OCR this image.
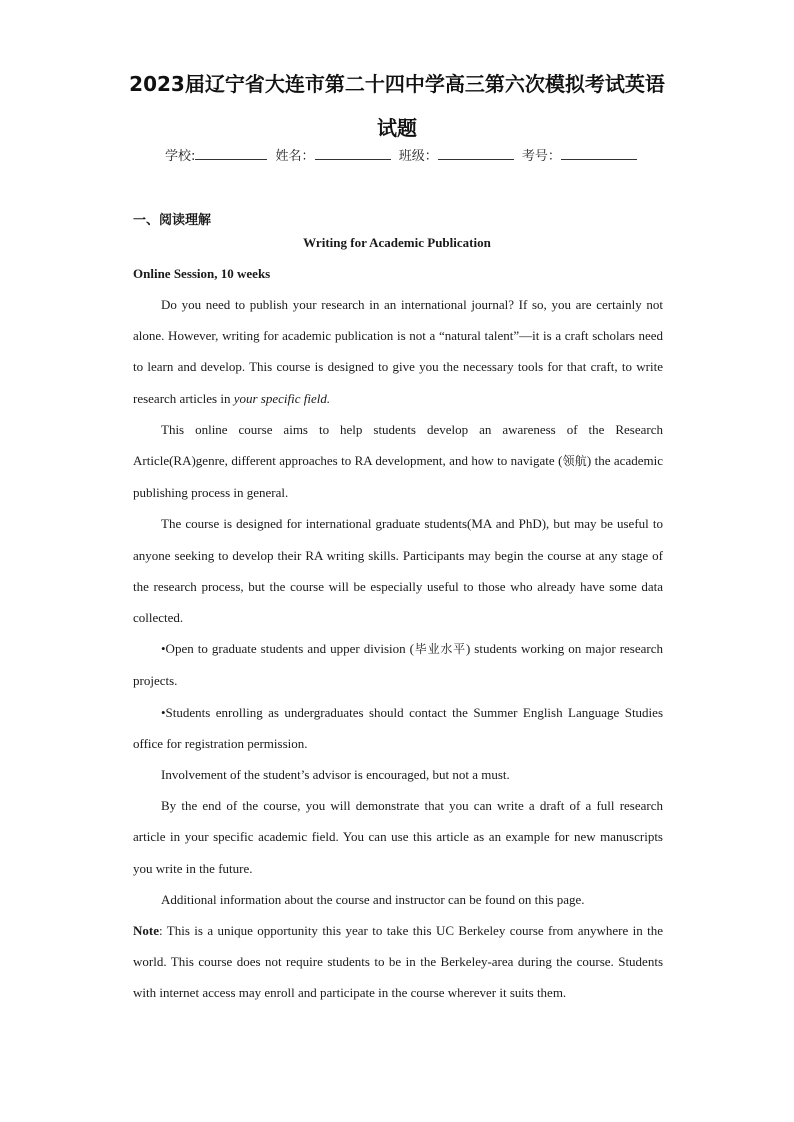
2023届辽宁省大连市第二十四中学高三第六次模拟考试英语
试题
学校:	姓名：	班级：	考号：
一、阅读理解
Writing for Academic Publication
Online Session, 10 weeks

Do you need to publish your research in an international journal? If so, you are certainly not alone. However, writing for academic publication is not a “natural talent”—it is a craft scholars need to learn and develop. This course is designed to give you the necessary tools for that craft, to write research articles in your specific field.

This online course aims to help students develop an awareness of the Research Article(RA)genre, different approaches to RA development, and how to navigate (领航) the academic publishing process in general.

The course is designed for international graduate students(MA and PhD), but may be useful to anyone seeking to develop their RA writing skills. Participants may begin the course at any stage of the research process, but the course will be especially useful to those who already have some data collected.

•Open to graduate students and upper division (毕业水平) students working on major research projects.

•Students enrolling as undergraduates should contact the Summer English Language Studies office for registration permission.

Involvement of the student’s advisor is encouraged, but not a must.

By the end of the course, you will demonstrate that you can write a draft of a full research article in your specific academic field. You can use this article as an example for new manuscripts you write in the future.

Additional information about the course and instructor can be found on this page.

Note: This is a unique opportunity this year to take this UC Berkeley course from anywhere in the world. This course does not require students to be in the Berkeley-area during the course. Students with internet access may enroll and participate in the course wherever it suits them.
